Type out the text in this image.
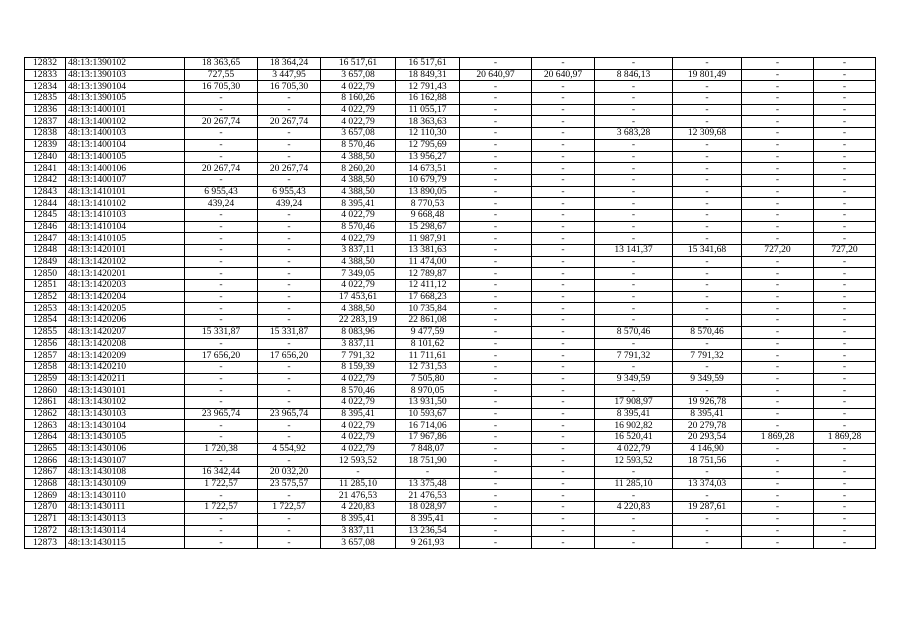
12832	48:13:1390102	18 363,65	18 364,24	16 517,61	16 517,61	-	-	-	-	-	-
12833	48:13:1390103	727,55	3 447,95	3 657,08	18 849,31	20 640,97	20 640,97	8 846,13	19 801,49	-	-
12834	48:13:1390104	16 705,30	16 705,30	4 022,79	12 791,43	-	-	-	-	-	-
12835	48:13:1390105	-	-	8 160,26	16 162,88	-	-	-	-	-	-
12836	48:13:1400101	-	-	4 022,79	11 055,17	-	-	-	-	-	-
12837	48:13:1400102	20 267,74	20 267,74	4 022,79	18 363,63	-	-	-	-	-	-
12838	48:13:1400103	-	-	3 657,08	12 110,30	-	-	3 683,28	12 309,68	-	-
12839	48:13:1400104	-	-	8 570,46	12 795,69	-	-	-	-	-	-
12840	48:13:1400105	-	-	4 388,50	13 956,27	-	-	-	-	-	-
12841	48:13:1400106	20 267,74	20 267,74	8 260,20	14 673,51	-	-	-	-	-	-
12842	48:13:1400107	-	-	4 388,50	10 679,79	-	-	-	-	-	-
12843	48:13:1410101	6 955,43	6 955,43	4 388,50	13 890,05	-	-	-	-	-	-
12844	48:13:1410102	439,24	439,24	8 395,41	8 770,53	-	-	-	-	-	-
12845	48:13:1410103	-	-	4 022,79	9 668,48	-	-	-	-	-	-
12846	48:13:1410104	-	-	8 570,46	15 298,67	-	-	-	-	-	-
12847	48:13:1410105	-	-	4 022,79	11 987,91	-	-	-	-	-	-
12848	48:13:1420101	-	-	3 837,11	13 381,63	-	-	13 141,37	15 341,68	727,20	727,20
12849	48:13:1420102	-	-	4 388,50	11 474,00	-	-	-	-	-	-
12850	48:13:1420201	-	-	7 349,05	12 789,87	-	-	-	-	-	-
12851	48:13:1420203	-	-	4 022,79	12 411,12	-	-	-	-	-	-
12852	48:13:1420204	-	-	17 453,61	17 668,23	-	-	-	-	-	-
12853	48:13:1420205	-	-	4 388,50	10 735,84	-	-	-	-	-	-
12854	48:13:1420206	-	-	22 283,19	22 861,08	-	-	-	-	-	-
12855	48:13:1420207	15 331,87	15 331,87	8 083,96	9 477,59	-	-	8 570,46	8 570,46	-	-
12856	48:13:1420208	-	-	3 837,11	8 101,62	-	-	-	-	-	-
12857	48:13:1420209	17 656,20	17 656,20	7 791,32	11 711,61	-	-	7 791,32	7 791,32	-	-
12858	48:13:1420210	-	-	8 159,39	12 731,53	-	-	-	-	-	-
12859	48:13:1420211	-	-	4 022,79	7 505,80	-	-	9 349,59	9 349,59	-	-
12860	48:13:1430101	-	-	8 570,46	8 970,05	-	-	-	-	-	-
12861	48:13:1430102	-	-	4 022,79	13 931,50	-	-	17 908,97	19 926,78	-	-
12862	48:13:1430103	23 965,74	23 965,74	8 395,41	10 593,67	-	-	8 395,41	8 395,41	-	-
12863	48:13:1430104	-	-	4 022,79	16 714,06	-	-	16 902,82	20 279,78	-	-
12864	48:13:1430105	-	-	4 022,79	17 967,86	-	-	16 520,41	20 293,54	1 869,28	1 869,28
12865	48:13:1430106	1 720,38	4 554,92	4 022,79	7 848,07	-	-	4 022,79	4 146,90	-	-
12866	48:13:1430107	-	-	12 593,52	18 751,90	-	-	12 593,52	18 751,56	-	-
12867	48:13:1430108	16 342,44	20 032,20	-	-	-	-	-	-	-	-
12868	48:13:1430109	1 722,57	23 575,57	11 285,10	13 375,48	-	-	11 285,10	13 374,03	-	-
12869	48:13:1430110	-	-	21 476,53	21 476,53	-	-	-	-	-	-
12870	48:13:1430111	1 722,57	1 722,57	4 220,83	18 028,97	-	-	4 220,83	19 287,61	-	-
12871	48:13:1430113	-	-	8 395,41	8 395,41	-	-	-	-	-	-
12872	48:13:1430114	-	-	3 837,11	13 236,54	-	-	-	-	-	-
12873	48:13:1430115	-	-	3 657,08	9 261,93	-	-	-	-	-	-
